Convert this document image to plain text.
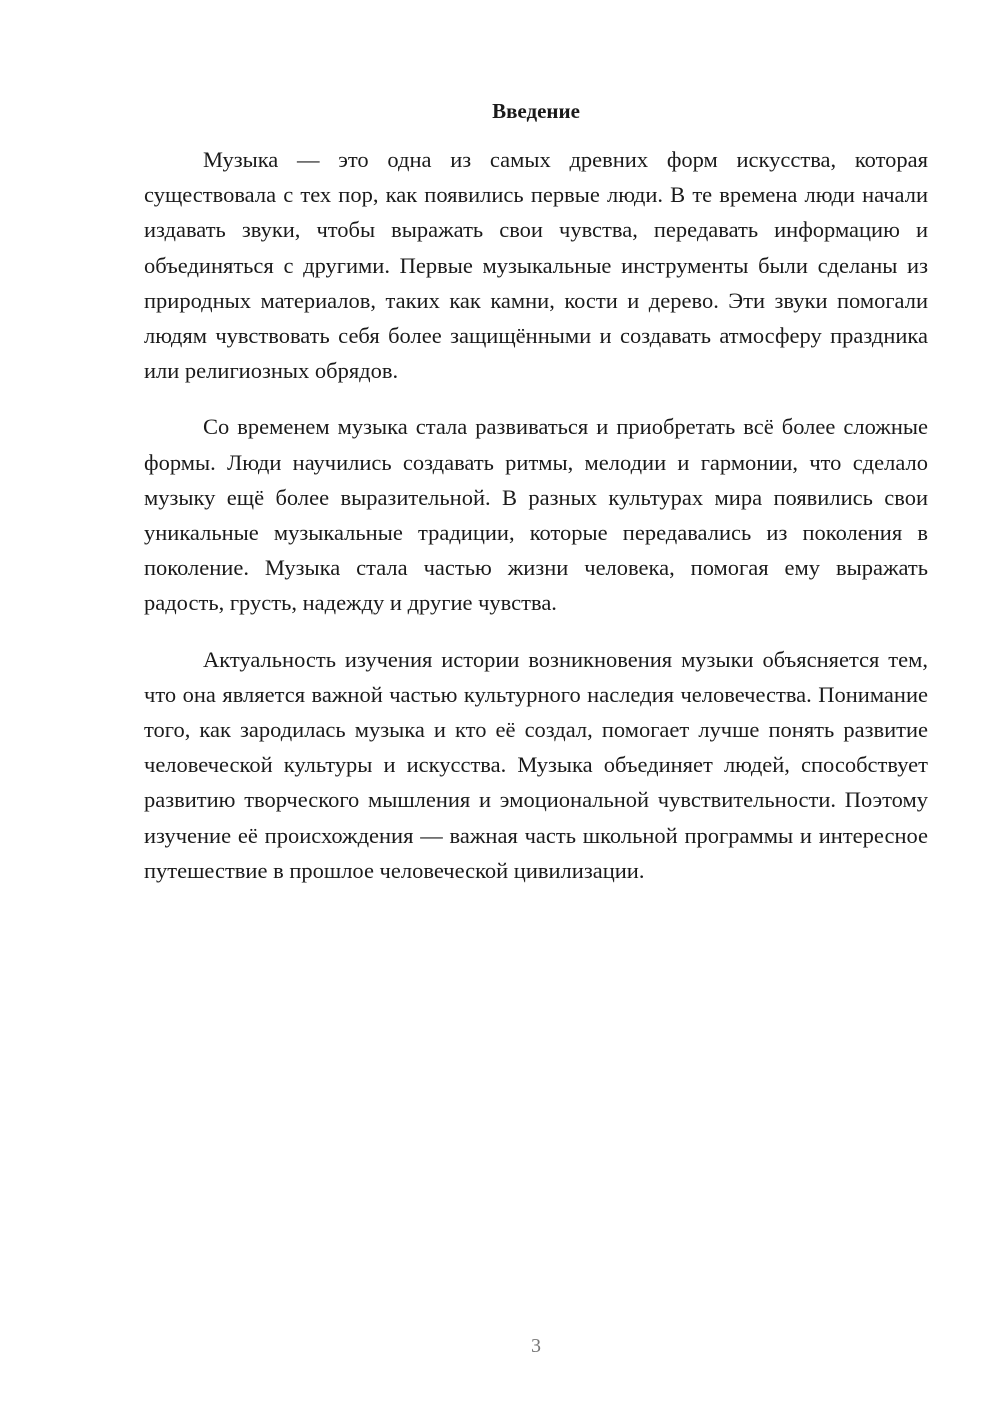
Введение

Музыка — это одна из самых древних форм искусства, которая существовала с тех пор, как появились первые люди. В те времена люди начали издавать звуки, чтобы выражать свои чувства, передавать информацию и объединяться с другими. Первые музыкальные инструменты были сделаны из природных материалов, таких как камни, кости и дерево. Эти звуки помогали людям чувствовать себя более защищёнными и создавать атмосферу праздника или религиозных обрядов.

Со временем музыка стала развиваться и приобретать всё более сложные формы. Люди научились создавать ритмы, мелодии и гармонии, что сделало музыку ещё более выразительной. В разных культурах мира появились свои уникальные музыкальные традиции, которые передавались из поколения в поколение. Музыка стала частью жизни человека, помогая ему выражать радость, грусть, надежду и другие чувства.

Актуальность изучения истории возникновения музыки объясняется тем, что она является важной частью культурного наследия человечества. Понимание того, как зародилась музыка и кто её создал, помогает лучше понять развитие человеческой культуры и искусства. Музыка объединяет людей, способствует развитию творческого мышления и эмоциональной чувствительности. Поэтому изучение её происхождения — важная часть школьной программы и интересное путешествие в прошлое человеческой цивилизации.

3
